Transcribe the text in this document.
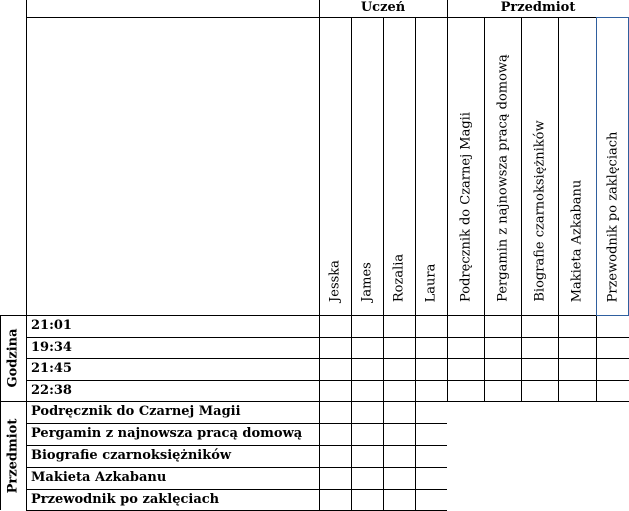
Uczeń	Przedmiot
Godzina
Przedmiot
Jesska James Rozalia Laura Podręcznik do Czarnej Magii Pergamin z najnowsza pracą domową Biografie czarnoksiężników Makieta Azkabanu Przewodnik po zaklęciach
21:01
19:34
21:45
22:38
Podręcznik do Czarnej Magii
Pergamin z najnowsza pracą domową
Biografie czarnoksiężników
Makieta Azkabanu
Przewodnik po zaklęciach
